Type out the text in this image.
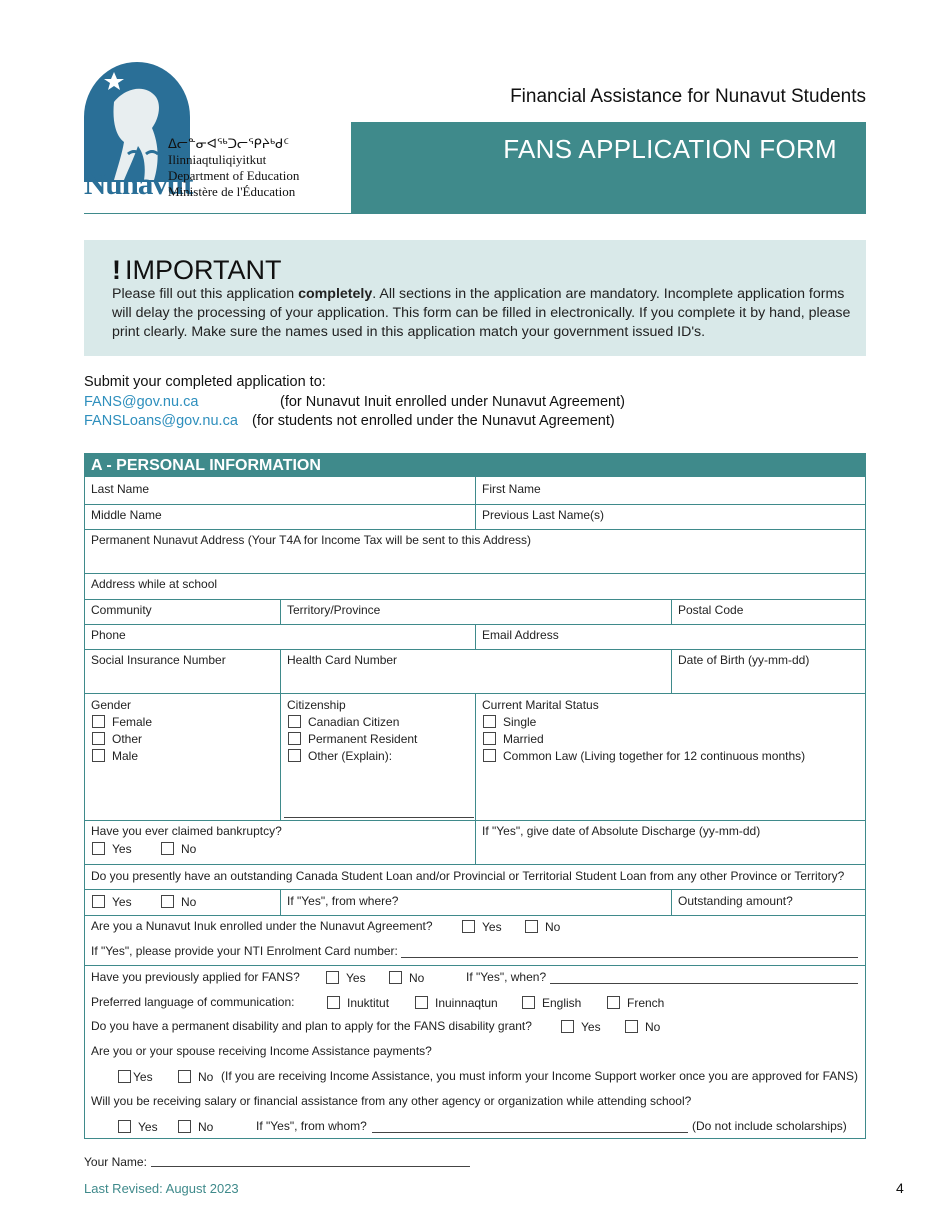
Nunavut
ᐃᓕᓐᓂᐊᖅᑐᓕᕿᔨᒃᑯᑦ
Ilinniaqtuliqiyitkut
Department of Education
Ministère de l'Éducation
Financial Assistance for Nunavut Students
FANS APPLICATION FORM
! IMPORTANT
Please fill out this application completely. All sections in the application are mandatory. Incomplete application forms will delay the processing of your application. This form can be filled in electronically. If you complete it by hand, please print clearly. Make sure the names used in this application match your government issued ID's.
Submit your completed application to:
FANS@gov.nu.ca	(for Nunavut Inuit enrolled under Nunavut Agreement)
FANSLoans@gov.nu.ca (for students not enrolled under the Nunavut Agreement)
A - PERSONAL INFORMATION
Last Name	First Name
Middle Name	Previous Last Name(s)
Permanent Nunavut Address (Your T4A for Income Tax will be sent to this Address)
Address while at school
Community	Territory/Province	Postal Code
Phone	Email Address
Social Insurance Number	Health Card Number	Date of Birth (yy-mm-dd)
Gender
Female
Other
Male
Citizenship
Canadian Citizen
Permanent Resident
Other (Explain):
Current Marital Status
Single
Married
Common Law (Living together for 12 continuous months)
Have you ever claimed bankruptcy?
Yes	No
If "Yes", give date of Absolute Discharge (yy-mm-dd)
Do you presently have an outstanding Canada Student Loan and/or Provincial or Territorial Student Loan from any other Province or Territory?
Yes	No	If "Yes", from where?	Outstanding amount?
Are you a Nunavut Inuk enrolled under the Nunavut Agreement?	Yes	No
If "Yes", please provide your NTI Enrolment Card number:
Have you previously applied for FANS?	Yes	No	If "Yes", when?
Preferred language of communication:	Inuktitut	Inuinnaqtun	English	French
Do you have a permanent disability and plan to apply for the FANS disability grant?	Yes	No
Are you or your spouse receiving Income Assistance payments?
Yes	No (If you are receiving Income Assistance, you must inform your Income Support worker once you are approved for FANS)
Will you be receiving salary or financial assistance from any other agency or organization while attending school?
Yes	No	If "Yes", from whom?	(Do not include scholarships)
Your Name:
Last Revised: August 2023	4
